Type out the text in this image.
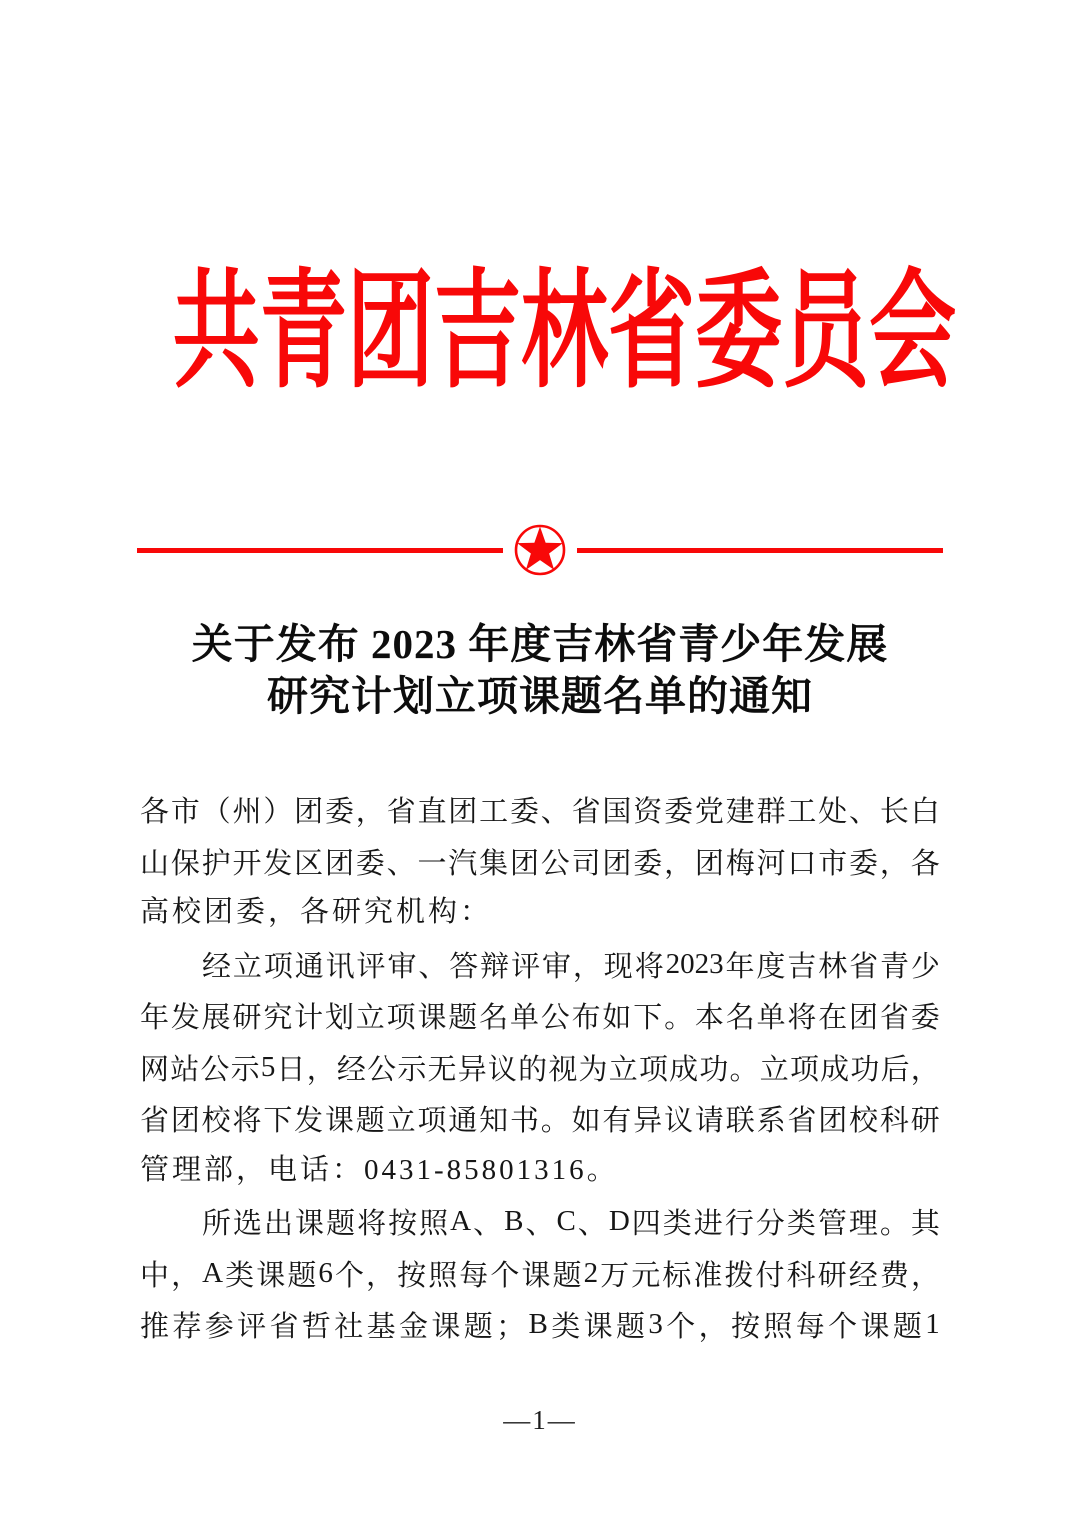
共青团吉林省委员会
关于发布 2023 年度吉林省青少年发展
研究计划立项课题名单的通知
各 市 （ 州 ） 团 委 ， 省 直 团 工 委 、 省 国 资 委 党 建 群 工 处 、 长 白
山 保 护 开 发 区 团 委 、 一 汽 集 团 公 司 团 委 ， 团 梅 河 口 市 委 ， 各
高校团委，各研究机构：
经 立 项 通 讯 评 审 、 答 辩 评 审 ， 现 将 2023 年 度 吉 林 省 青 少
年 发 展 研 究 计 划 立 项 课 题 名 单 公 布 如 下 。 本 名 单 将 在 团 省 委
网 站 公 示 5 日 ， 经 公 示 无 异 议 的 视 为 立 项 成 功 。 立 项 成 功 后 ，
省 团 校 将 下 发 课 题 立 项 通 知 书 。 如 有 异 议 请 联 系 省 团 校 科 研
管理部，电话：0431-85801316。
所 选 出 课 题 将 按 照 A 、 B 、 C 、 D 四 类 进 行 分 类 管 理 。 其
中 ， A 类 课 题 6 个 ， 按 照 每 个 课 题 2 万 元 标 准 拨 付 科 研 经 费 ，
推 荐 参 评 省 哲 社 基 金 课 题 ； B 类 课 题 3 个 ， 按 照 每 个 课 题 1
—1—
